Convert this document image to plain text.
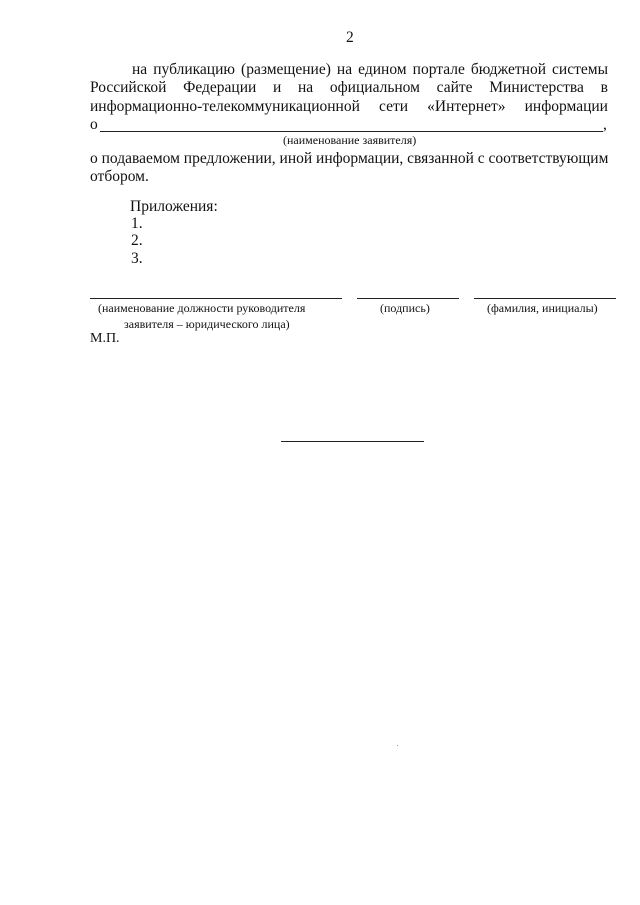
2
на публикацию (размещение) на едином портале бюджетной системы
Российской Федерации и на официальном сайте Министерства в
информационно-телекоммуникационной сети «Интернет» информации
о	,
(наименование заявителя)
о подаваемом предложении, иной информации, связанной с соответствующим
отбором.
Приложения:
1.
2.
3.
(наименование должности руководителя
заявителя – юридического лица)
(подпись)	(фамилия, инициалы)
М.П.
